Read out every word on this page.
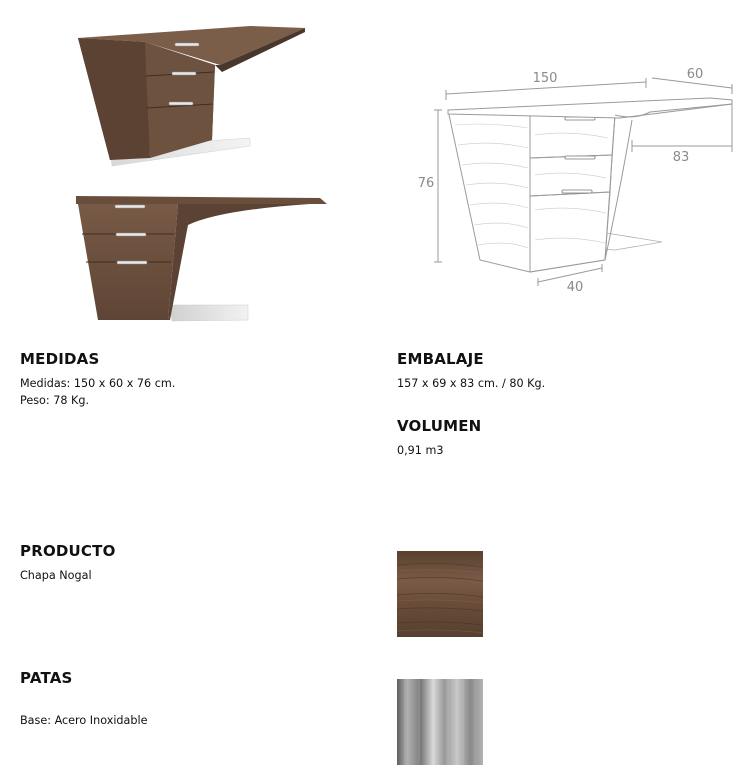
150	60
76
83
40
MEDIDAS
Medidas: 150 x 60 x 76 cm.
Peso: 78 Kg.
EMBALAJE
157 x 69 x 83 cm. / 80 Kg.
VOLUMEN
0,91 m3
PRODUCTO
Chapa Nogal
PATAS
Base: Acero Inoxidable
